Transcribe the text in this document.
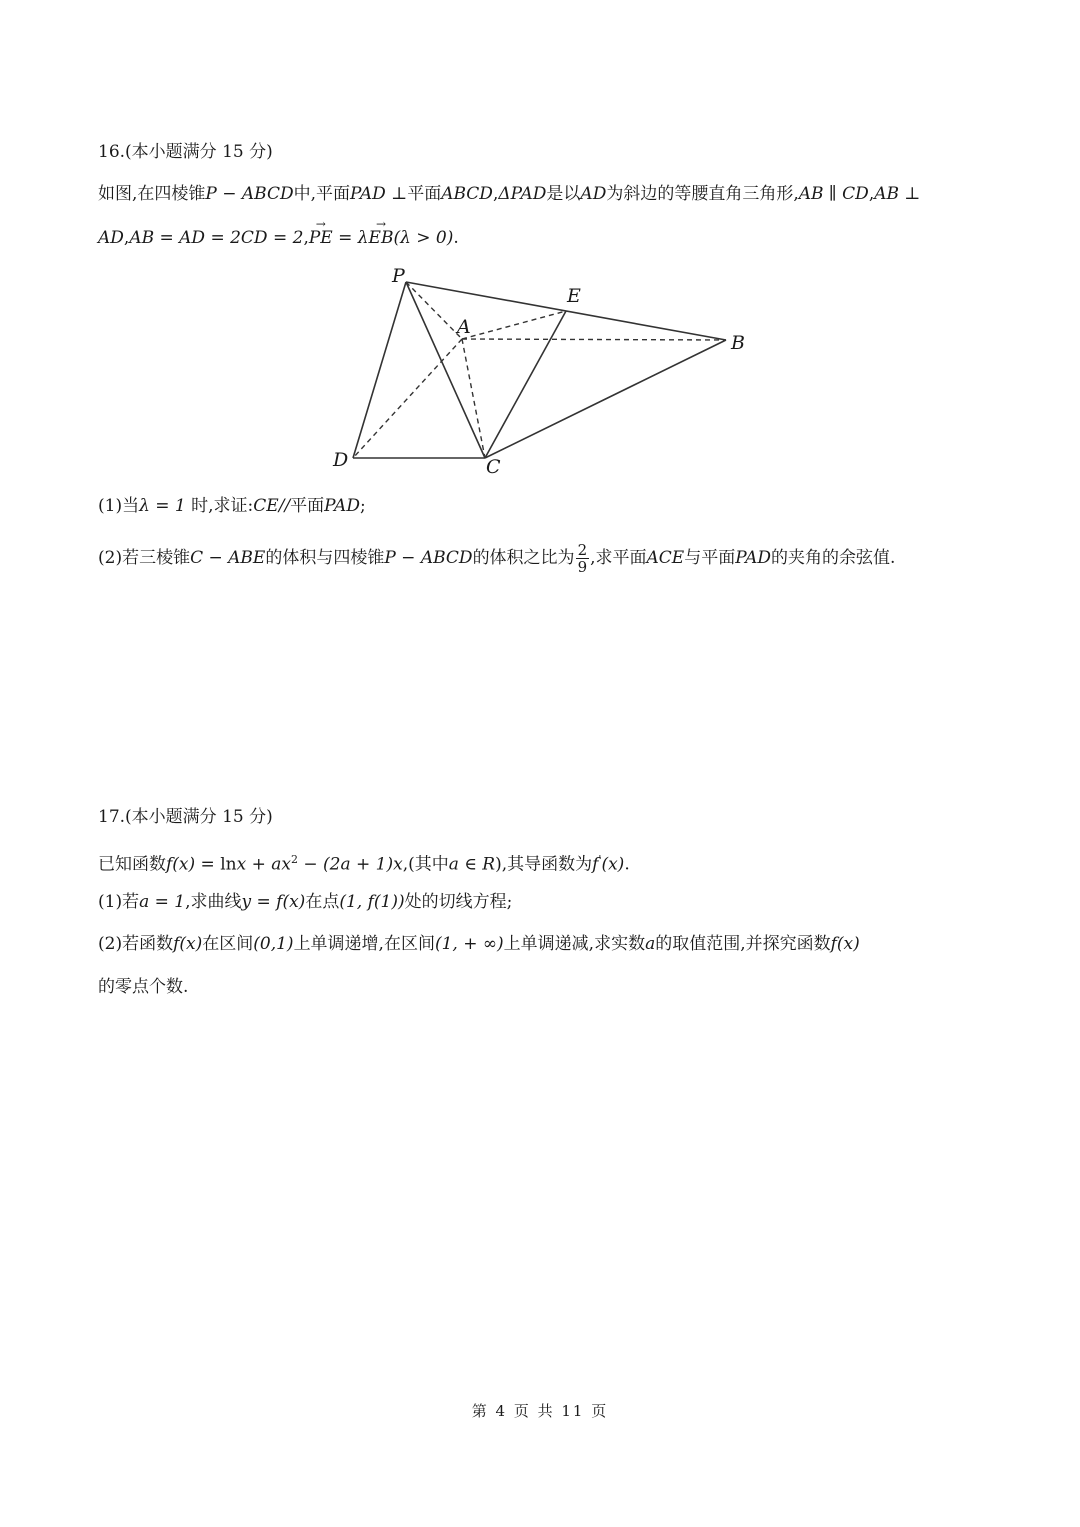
16.(本小题满分 15 分)
如图,在四棱锥P − ABCD中,平面PAD ⊥平面ABCD,ΔPAD是以AD为斜边的等腰直角三角形,AB ∥ CD,AB ⊥
AD,AB = AD = 2CD = 2,→ PE = λ→ EB(λ > 0).
P
E
A
B
D	C
(1)当λ = 1 时,求证:CE//平面PAD;
(2)若三棱锥C − ABE的体积与四棱锥P − ABCD的体积之比为 $\frac{2}{9}$ ,求平面ACE与平面PAD的夹角的余弦值.
17.(本小题满分 15 分)
已知函数$f(x) = \ln x + ax^2 - (2a + 1)x$,(其中a ∈ R),其导函数为f'(x).
(1)若a = 1,求曲线y = f(x)在点(1, f(1))处的切线方程;
(2)若函数f(x)在区间(0,1)上单调递增,在区间(1, + ∞)上单调递减,求实数a的取值范围,并探究函数f(x)
的零点个数.
第 4 页 共 11 页
